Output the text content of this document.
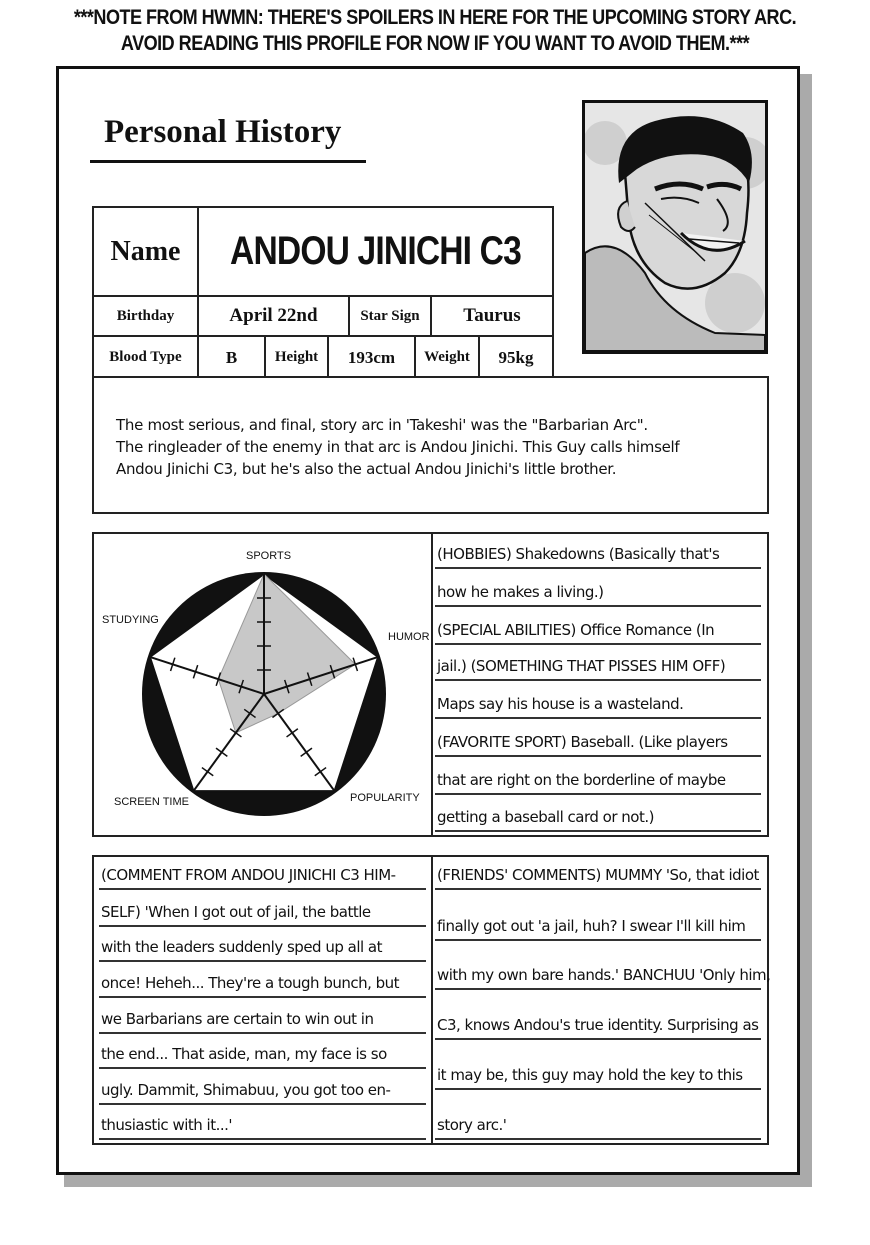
***NOTE FROM HWMN: THERE'S SPOILERS IN HERE FOR THE UPCOMING STORY ARC.
AVOID READING THIS PROFILE FOR NOW IF YOU WANT TO AVOID THEM.***
Personal History
Name	ANDOU JINICHI C3
Birthday	April 22nd	Star Sign	Taurus
Blood Type	B	Height	193cm	Weight	95kg
The most serious, and final, story arc in 'Takeshi' was the "Barbarian Arc".
The ringleader of the enemy in that arc is Andou Jinichi. This Guy calls himself
Andou Jinichi C3, but he's also the actual Andou Jinichi's little brother.
SPORTS
HUMOR
POPULARITY
SCREEN TIME
STUDYING
(HOBBIES) Shakedowns (Basically that's
how he makes a living.)
(SPECIAL ABILITIES) Office Romance (In
jail.) (SOMETHING THAT PISSES HIM OFF)
Maps say his house is a wasteland.
(FAVORITE SPORT) Baseball. (Like players
that are right on the borderline of maybe
getting a baseball card or not.)
(COMMENT FROM ANDOU JINICHI C3 HIM-
SELF) 'When I got out of jail, the battle
with the leaders suddenly sped up all at
once! Heheh... They're a tough bunch, but
we Barbarians are certain to win out in
the end... That aside, man, my face is so
ugly. Dammit, Shimabuu, you got too en-
thusiastic with it...'
(FRIENDS' COMMENTS) MUMMY 'So, that idiot
finally got out 'a jail, huh? I swear I'll kill him
with my own bare hands.' BANCHUU 'Only him,
C3, knows Andou's true identity. Surprising as
it may be, this guy may hold the key to this
story arc.'
